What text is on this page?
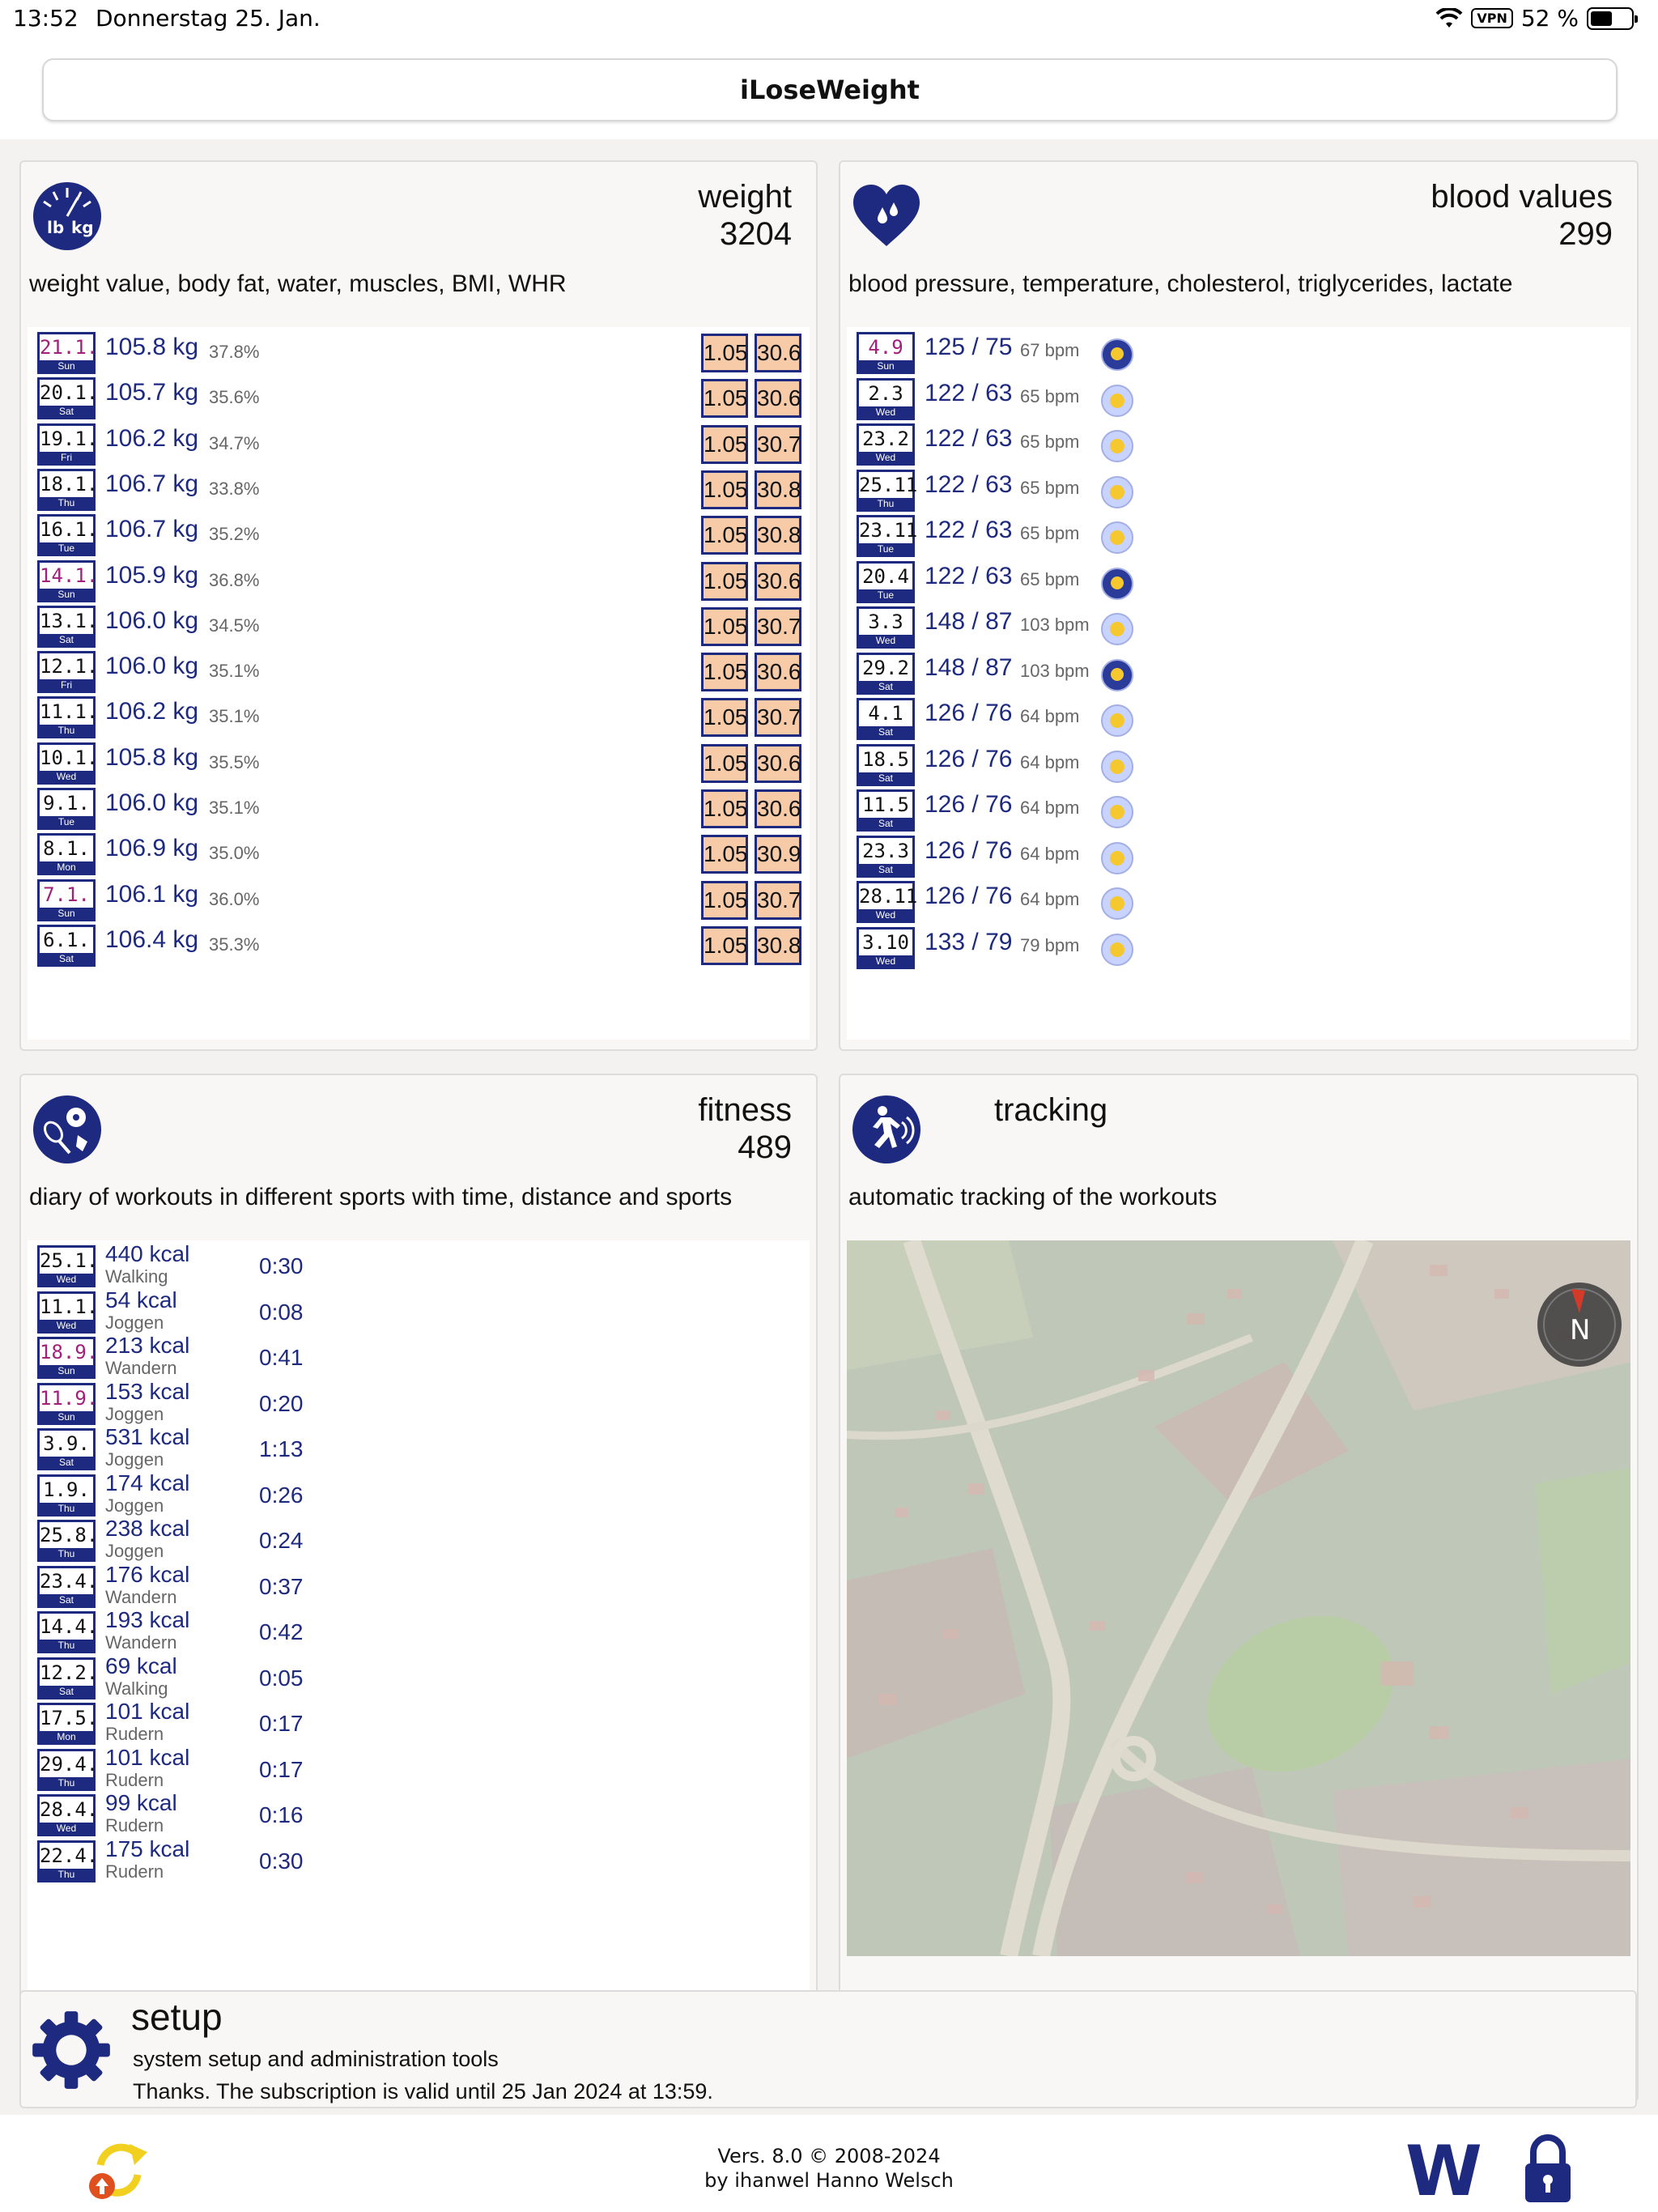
13:52 Donnerstag 25. Jan.	VPN 52 %
iLoseWeight
lb kg
weight
3204
weight value, body fat, water, muscles, BMI, WHR
21.1.
Sun
105.8 kg 37.8%	1.05 30.6
20.1.
Sat
105.7 kg 35.6%	1.05 30.6
19.1.
Fri
106.2 kg 34.7%	1.05 30.7
18.1.
Thu
106.7 kg 33.8%	1.05 30.8
16.1.
Tue
106.7 kg 35.2%	1.05 30.8
14.1.
Sun
105.9 kg 36.8%	1.05 30.6
13.1.
Sat
106.0 kg 34.5%	1.05 30.7
12.1.
Fri
106.0 kg 35.1%	1.05 30.6
11.1.
Thu
106.2 kg 35.1%	1.05 30.7
10.1.
Wed
105.8 kg 35.5%	1.05 30.6
9.1.
Tue
106.0 kg 35.1%	1.05 30.6
8.1.
Mon
106.9 kg 35.0%	1.05 30.9
7.1.
Sun
106.1 kg 36.0%	1.05 30.7
6.1.
Sat
106.4 kg 35.3%	1.05 30.8
blood values
299
blood pressure, temperature, cholesterol, triglycerides, lactate
4.9
Sun
125 / 75 67 bpm
2.3
Wed
122 / 63 65 bpm
23.2
Wed
122 / 63 65 bpm
25.11
Thu
122 / 63 65 bpm
23.11
Tue
122 / 63 65 bpm
20.4
Tue
122 / 63 65 bpm
3.3
Wed
148 / 87 103 bpm
29.2
Sat
148 / 87 103 bpm
4.1
Sat
126 / 76 64 bpm
18.5
Sat
126 / 76 64 bpm
11.5
Sat
126 / 76 64 bpm
23.3
Sat
126 / 76 64 bpm
28.11
Wed
126 / 76 64 bpm
3.10
Wed
133 / 79 79 bpm
fitness
489
diary of workouts in different sports with time, distance and sports
25.1.
Wed
440 kcal
Walking	0:30
11.1.
Wed
54 kcal
Joggen	0:08
18.9.
Sun
213 kcal
Wandern	0:41
11.9.
Sun
153 kcal
Joggen	0:20
3.9.
Sat
531 kcal
Joggen	1:13
1.9.
Thu
174 kcal
Joggen	0:26
25.8.
Thu
238 kcal
Joggen	0:24
23.4.
Sat
176 kcal
Wandern	0:37
14.4.
Thu
193 kcal
Wandern	0:42
12.2.
Sat
69 kcal
Walking	0:05
17.5.
Mon
101 kcal
Rudern	0:17
29.4.
Thu
101 kcal
Rudern	0:17
28.4.
Wed
99 kcal
Rudern	0:16
22.4.
Thu
175 kcal
Rudern	0:30
tracking
automatic tracking of the workouts
N
setup
system setup and administration tools
Thanks. The subscription is valid until 25 Jan 2024 at 13:59.
Vers. 8.0 © 2008-2024
by ihanwel Hanno Welsch	W
